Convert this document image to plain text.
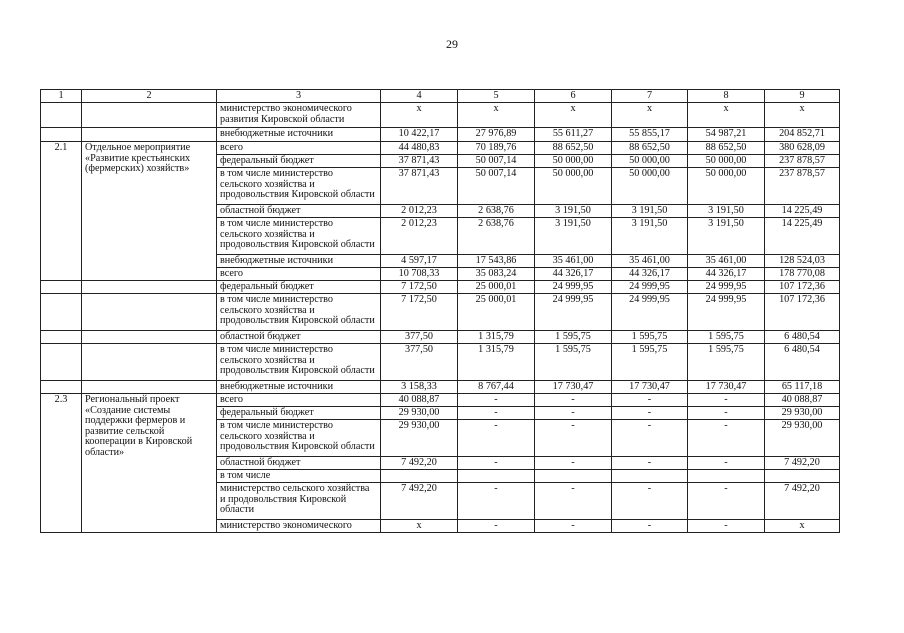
29
1	2	3	4	5	6	7	8	9
		министерство экономического развития Кировской области	x	x	x	x	x	x
		внебюджетные источники	10 422,17	27 976,89	55 611,27	55 855,17	54 987,21	204 852,71
2.1	Отдельное мероприятие «Развитие крестьянских (фермерских) хозяйств»	всего	44 480,83	70 189,76	88 652,50	88 652,50	88 652,50	380 628,09
		федеральный бюджет	37 871,43	50 007,14	50 000,00	50 000,00	50 000,00	237 878,57
		в том числе министерство сельского хозяйства и продовольствия Кировской области	37 871,43	50 007,14	50 000,00	50 000,00	50 000,00	237 878,57
		областной бюджет	2 012,23	2 638,76	3 191,50	3 191,50	3 191,50	14 225,49
		в том числе министерство сельского хозяйства и продовольствия Кировской области	2 012,23	2 638,76	3 191,50	3 191,50	3 191,50	14 225,49
		внебюджетные источники	4 597,17	17 543,86	35 461,00	35 461,00	35 461,00	128 524,03
		всего	10 708,33	35 083,24	44 326,17	44 326,17	44 326,17	178 770,08
		федеральный бюджет	7 172,50	25 000,01	24 999,95	24 999,95	24 999,95	107 172,36
		в том числе министерство сельского хозяйства и продовольствия Кировской области	7 172,50	25 000,01	24 999,95	24 999,95	24 999,95	107 172,36
		областной бюджет	377,50	1 315,79	1 595,75	1 595,75	1 595,75	6 480,54
		в том числе министерство сельского хозяйства и продовольствия Кировской области	377,50	1 315,79	1 595,75	1 595,75	1 595,75	6 480,54
		внебюджетные источники	3 158,33	8 767,44	17 730,47	17 730,47	17 730,47	65 117,18
2.3	Региональный проект «Создание системы поддержки фермеров и развитие сельской кооперации в Кировской области»	всего	40 088,87	-	-	-	-	40 088,87
		федеральный бюджет	29 930,00	-	-	-	-	29 930,00
		в том числе министерство сельского хозяйства и продовольствия Кировской области	29 930,00	-	-	-	-	29 930,00
		областной бюджет	7 492,20	-	-	-	-	7 492,20
		в том числе						
		министерство сельского хозяйства и продовольствия Кировской области	7 492,20	-	-	-	-	7 492,20
		министерство экономического	x	-	-	-	-	x
